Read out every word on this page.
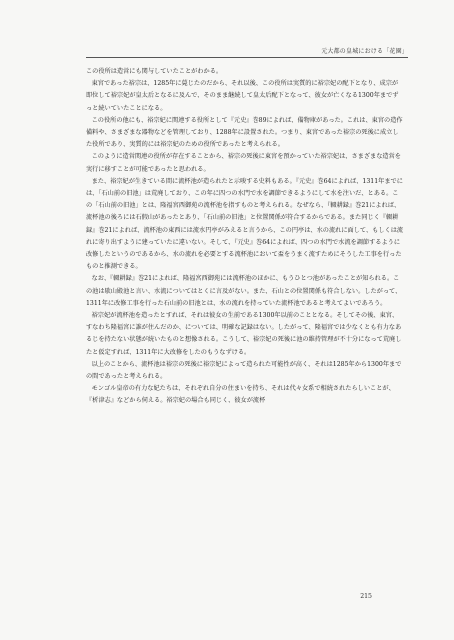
元大都の皇城における「花園」

この役所は造営にも関与していたことがわかる。

東宮であった裕宗は、1285年に薨じたのだから、それ以後、この役所は実質的に裕宗妃の配下となり、成宗が即位して裕宗妃が皇太后となるに及んで、そのまま継続して皇太后配下となって、彼女が亡くなる1300年までずっと続いていたことになる。

この役所の他にも、裕宗妃に関連する役所として『元史』巻89によれば、備物庫があった。これは、東宮の造作備料や、さまざまな器物などを管理しており、1288年に設置された。つまり、東宮であった裕宗の死後に成立した役所であり、実質的には裕宗妃のための役所であったと考えられる。

このように造営関連の役所が存在することから、裕宗の死後に東宮を預かっていた裕宗妃は、さまざまな造営を実行に移すことが可能であったと思われる。

また、裕宗妃が生きている間に流杯池が造られたと示唆する史料もある。『元史』巻64によれば、1311年までには、「石山前の旧池」は荒廃しており、この年に四つの水門で水を調節できるようにして水を注いだ、とある。この「石山前の旧池」とは、隆福宮西御苑の流杯池を指すものと考えられる。なぜなら、『輟耕録』巻21によれば、流杯池の後ろには石假山があったとあり、「石山前の旧池」と位置関係が符合するからである。また同じく『輟耕録』巻21によれば、流杯池の東西には流水円亭がみえると言うから、この円亭は、水の流れに面して、もしくは流れに寄り出すように建っていたに違いない。そして、『元史』巻64によれば、四つの水門で水流を調節するように改修したというのであるから、水の流れを必要とする流杯池において盃をうまく流すためにそうした工事を行ったものと推測できる。

なお、『輟耕録』巻21によれば、隆福宮西御苑には流杯池のほかに、もうひとつ池があったことが知られる。この池は歇山殿池と言い、水流についてはとくに言及がない。また、石山との位置関係も符合しない。したがって、1311年に改修工事を行った石山前の旧池とは、水の流れを持っていた流杯池であると考えてよいであろう。

裕宗妃が流杯池を造ったとすれば、それは彼女の生前である1300年以前のこととなる。そしてその後、東宮、すなわち隆福宮に誰が住んだのか、については、明確な記録はない。したがって、隆福宮では少なくとも有力なあるじを持たない状態が続いたものと想像される。こうして、裕宗妃の死後に池の維持管理が不十分になって荒廃したと仮定すれば、1311年に大改修をしたのもうなずける。

以上のことから、流杯池は裕宗の死後に裕宗妃によって造られた可能性が高く、それは1285年から1300年までの間であったと考えられる。

モンゴル皇帝の有力な妃たちは、それぞれ自分の住まいを持ち、それは代々女系で相続されたらしいことが、『析津志』などから伺える。裕宗妃の場合も同じく、彼女が流杯

215
